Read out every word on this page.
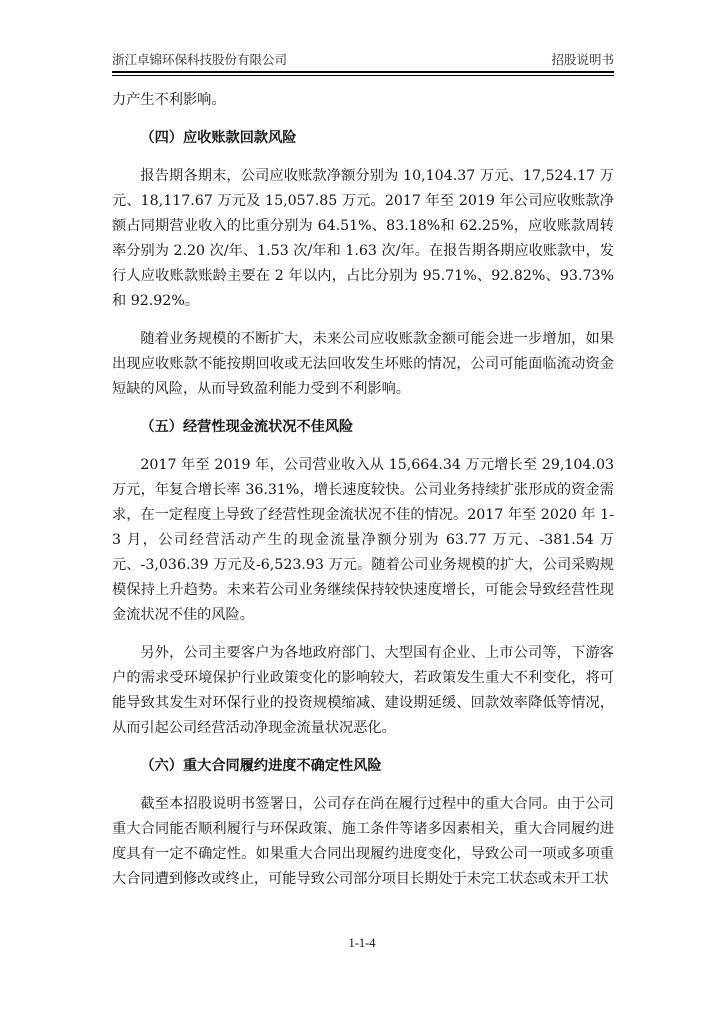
浙江卓锦环保科技股份有限公司	招股说明书

力产生不利影响。

（四）应收账款回款风险

报告期各期末，公司应收账款净额分别为 10,104.37 万元、17,524.17 万元、18,117.67 万元及 15,057.85 万元。2017 年至 2019 年公司应收账款净额占同期营业收入的比重分别为 64.51%、83.18%和 62.25%，应收账款周转率分别为 2.20 次/年、1.53 次/年和 1.63 次/年。在报告期各期应收账款中，发行人应收账款账龄主要在 2 年以内，占比分别为 95.71%、92.82%、93.73%和 92.92%。

随着业务规模的不断扩大，未来公司应收账款金额可能会进一步增加，如果出现应收账款不能按期回收或无法回收发生坏账的情况，公司可能面临流动资金短缺的风险，从而导致盈利能力受到不利影响。

（五）经营性现金流状况不佳风险

2017 年至 2019 年，公司营业收入从 15,664.34 万元增长至 29,104.03 万元，年复合增长率 36.31%，增长速度较快。公司业务持续扩张形成的资金需求，在一定程度上导致了经营性现金流状况不佳的情况。2017 年至 2020 年 1-3 月，公司经营活动产生的现金流量净额分别为 63.77 万元、-381.54 万元、-3,036.39 万元及-6,523.93 万元。随着公司业务规模的扩大，公司采购规模保持上升趋势。未来若公司业务继续保持较快速度增长，可能会导致经营性现金流状况不佳的风险。

另外，公司主要客户为各地政府部门、大型国有企业、上市公司等，下游客户的需求受环境保护行业政策变化的影响较大，若政策发生重大不利变化，将可能导致其发生对环保行业的投资规模缩减、建设期延缓、回款效率降低等情况，从而引起公司经营活动净现金流量状况恶化。

（六）重大合同履约进度不确定性风险

截至本招股说明书签署日，公司存在尚在履行过程中的重大合同。由于公司重大合同能否顺利履行与环保政策、施工条件等诸多因素相关，重大合同履约进度具有一定不确定性。如果重大合同出现履约进度变化，导致公司一项或多项重大合同遭到修改或终止，可能导致公司部分项目长期处于未完工状态或未开工状

1-1-4
